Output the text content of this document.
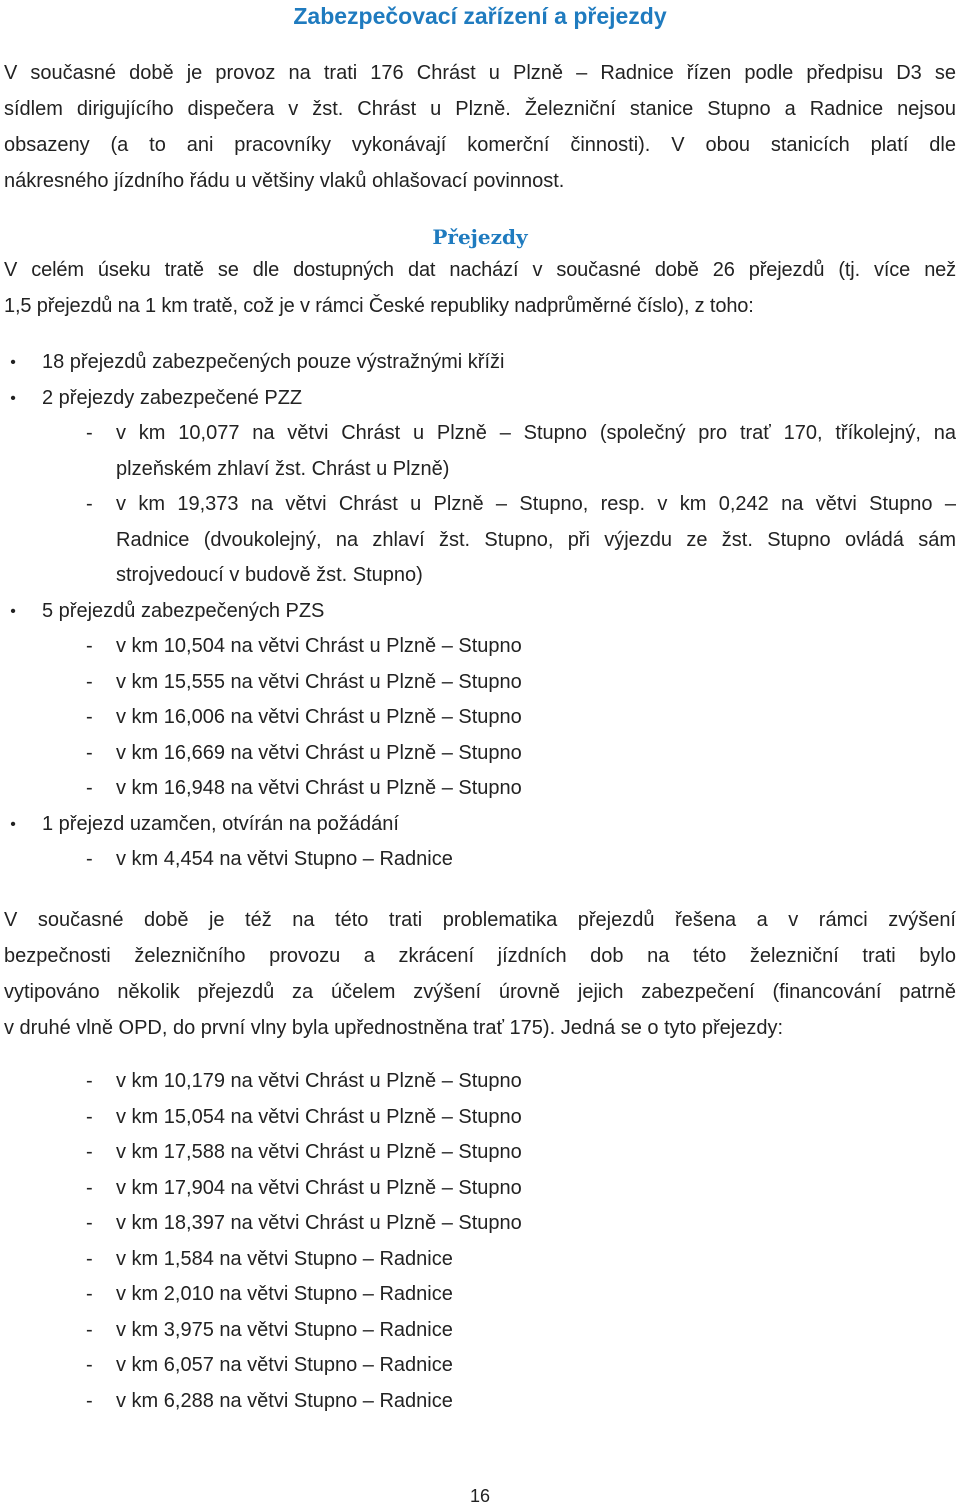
Zabezpečovací zařízení a přejezdy
V současné době je provoz na trati 176 Chrást u Plzně – Radnice řízen podle předpisu D3 se
sídlem dirigujícího dispečera v žst. Chrást u Plzně. Železniční stanice Stupno a Radnice nejsou
obsazeny (a to ani pracovníky vykonávají komerční činnosti). V obou stanicích platí dle
nákresného jízdního řádu u většiny vlaků ohlašovací povinnost.
Přejezdy
V celém úseku tratě se dle dostupných dat nachází v současné době 26 přejezdů (tj. více než
1,5 přejezdů na 1 km tratě, což je v rámci České republiky nadprůměrné číslo), z toho:
• 18 přejezdů zabezpečených pouze výstražnými kříži
• 2 přejezdy zabezpečené PZZ
- v km 10,077 na větvi Chrást u Plzně – Stupno (společný pro trať 170, tříkolejný, na
plzeňském zhlaví žst. Chrást u Plzně)
- v km 19,373 na větvi Chrást u Plzně – Stupno, resp. v km 0,242 na větvi Stupno –
Radnice (dvoukolejný, na zhlaví žst. Stupno, při výjezdu ze žst. Stupno ovládá sám
strojvedoucí v budově žst. Stupno)
• 5 přejezdů zabezpečených PZS
- v km 10,504 na větvi Chrást u Plzně – Stupno
- v km 15,555 na větvi Chrást u Plzně – Stupno
- v km 16,006 na větvi Chrást u Plzně – Stupno
- v km 16,669 na větvi Chrást u Plzně – Stupno
- v km 16,948 na větvi Chrást u Plzně – Stupno
• 1 přejezd uzamčen, otvírán na požádání
- v km 4,454 na větvi Stupno – Radnice
V současné době je též na této trati problematika přejezdů řešena a v rámci zvýšení
bezpečnosti železničního provozu a zkrácení jízdních dob na této železniční trati bylo
vytipováno několik přejezdů za účelem zvýšení úrovně jejich zabezpečení (financování patrně
v druhé vlně OPD, do první vlny byla upřednostněna trať 175). Jedná se o tyto přejezdy:
- v km 10,179 na větvi Chrást u Plzně – Stupno
- v km 15,054 na větvi Chrást u Plzně – Stupno
- v km 17,588 na větvi Chrást u Plzně – Stupno
- v km 17,904 na větvi Chrást u Plzně – Stupno
- v km 18,397 na větvi Chrást u Plzně – Stupno
- v km 1,584 na větvi Stupno – Radnice
- v km 2,010 na větvi Stupno – Radnice
- v km 3,975 na větvi Stupno – Radnice
- v km 6,057 na větvi Stupno – Radnice
- v km 6,288 na větvi Stupno – Radnice
16
